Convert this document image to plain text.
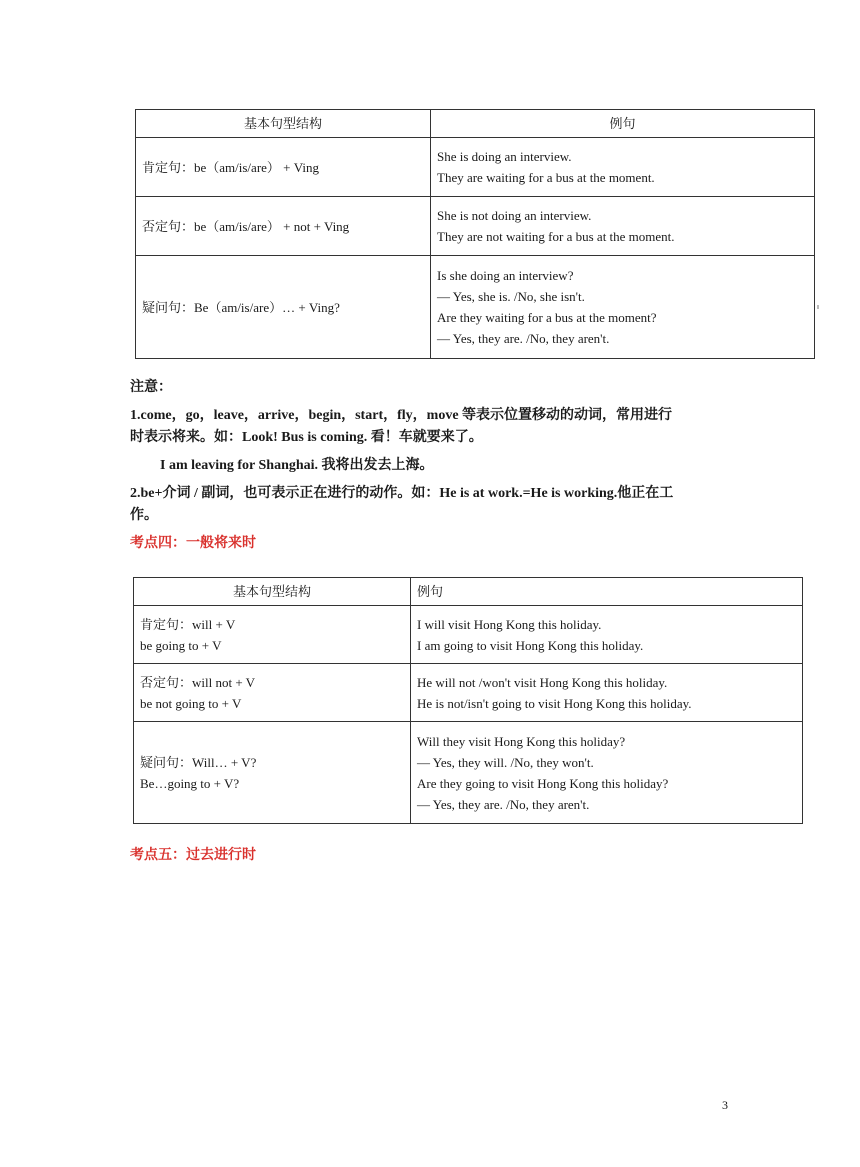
基本句型结构	例句

肯定句：be（am/is/are） + Ving	She is doing an interview.
They are waiting for a bus at the moment.

否定句：be（am/is/are） + not + Ving	She is not doing an interview.
They are not waiting for a bus at the moment.

疑问句：Be（am/is/are）… + Ving?	Is she doing an interview?
— Yes, she is. /No, she isn't.
Are they waiting for a bus at the moment?
— Yes, they are. /No, they aren't.
注意：
1.come，go，leave，arrive，begin，start，fly，move 等表示位置移动的动词，常用进行
时表示将来。如：Look! Bus is coming. 看！车就要来了。
I am leaving for Shanghai. 我将出发去上海。
2.be+介词 / 副词，也可表示正在进行的动作。如：He is at work.=He is working.他正在工
作。
考点四：一般将来时
基本句型结构	例句

肯定句：will + V
be going to + V	I will visit Hong Kong this holiday.
I am going to visit Hong Kong this holiday.

否定句：will not + V
be not going to + V	He will not /won't visit Hong Kong this holiday.
He is not/isn't going to visit Hong Kong this holiday.

疑问句：Will… + V?
Be…going to + V?	Will they visit Hong Kong this holiday?
— Yes, they will. /No, they won't.
Are they going to visit Hong Kong this holiday?
— Yes, they are. /No, they aren't.
考点五：过去进行时
3
